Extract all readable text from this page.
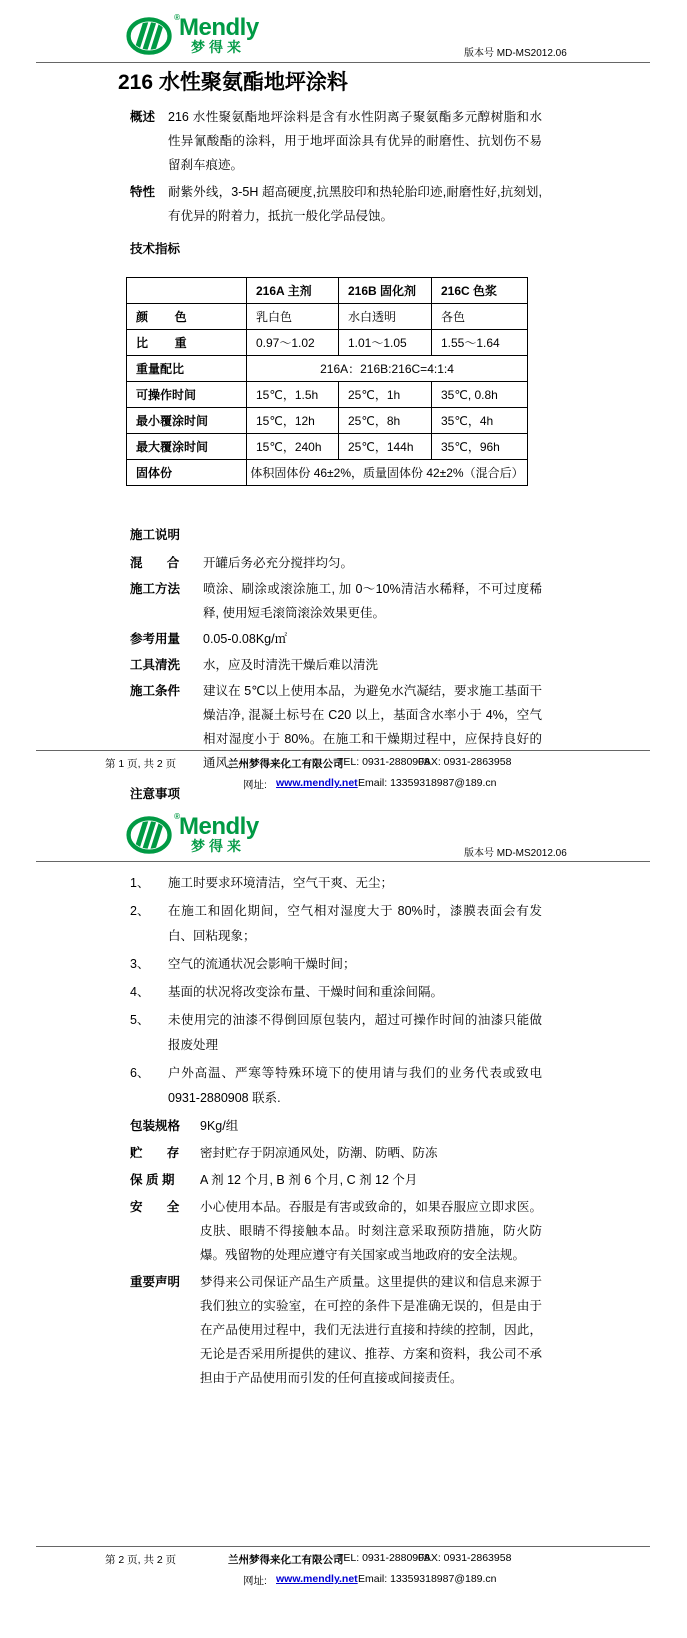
® Mendly
梦得来	版本号 MD-MS2012.06
216 水性聚氨酯地坪涂料
概述	216 水性聚氨酯地坪涂料是含有水性阴离子聚氨酯多元醇树脂和水性异氰酸酯的涂料，用于地坪面涂具有优异的耐磨性、抗划伤不易留刹车痕迹。
特性	耐紫外线，3-5H 超高硬度,抗黑胶印和热轮胎印迹,耐磨性好,抗刻划,有优异的附着力，抵抗一般化学品侵蚀。
技术指标
	216A 主剂	216B 固化剂	216C 色浆
颜        色	乳白色	水白透明	各色
比        重	0.97～1.02	1.01～1.05	1.55～1.64
重量配比	216A：216B:216C=4:1:4		
可操作时间	15℃，1.5h	25℃，1h	35℃, 0.8h
最小覆涂时间	15℃，12h	25℃，8h	35℃，4h
最大覆涂时间	15℃，240h	25℃，144h	35℃，96h
固体份	体积固体份 46±2%，质量固体份 42±2%（混合后）		
施工说明
混       合	开罐后务必充分搅拌均匀。
施工方法	喷涂、刷涂或滚涂施工, 加 0～10%清洁水稀释，不可过度稀释, 使用短毛滚筒滚涂效果更佳。
参考用量	0.05-0.08Kg/㎡
工具清洗	水，应及时清洗干燥后难以清洗
施工条件	建议在 5℃以上使用本品，为避免水汽凝结，要求施工基面干燥洁净, 混凝土标号在 C20 以上，基面含水率小于 4%，空气相对湿度小于 80%。在施工和干燥期过程中，应保持良好的通风。
注意事项
第 1 页, 共 2 页	兰州梦得来化工有限公司
TEL: 0931-2880908
FAX: 0931-2863958
网址: www.mendly.net Email: 13359318987@189.cn
® Mendly
梦得来	版本号 MD-MS2012.06
1、	施工时要求环境清洁，空气干爽、无尘；
2、	在施工和固化期间，空气相对湿度大于 80%时，漆膜表面会有发白、回粘现象；
3、	空气的流通状况会影响干燥时间；
4、	基面的状况将改变涂布量、干燥时间和重涂间隔。
5、	未使用完的油漆不得倒回原包装内，超过可操作时间的油漆只能做报废处理
6、	户外高温、严寒等特殊环境下的使用请与我们的业务代表或致电 0931-2880908 联系.
包装规格	9Kg/组
贮       存	密封贮存于阴凉通风处，防潮、防晒、防冻
保 质 期	A 剂 12 个月, B 剂 6 个月, C 剂 12 个月
安       全	小心使用本品。吞服是有害或致命的，如果吞服应立即求医。皮肤、眼睛不得接触本品。时刻注意采取预防措施，防火防爆。残留物的处理应遵守有关国家或当地政府的安全法规。
重要声明	梦得来公司保证产品生产质量。这里提供的建议和信息来源于我们独立的实验室，在可控的条件下是准确无误的，但是由于在产品使用过程中，我们无法进行直接和持续的控制，因此，无论是否采用所提供的建议、推荐、方案和资料，我公司不承担由于产品使用而引发的任何直接或间接责任。
第 2 页, 共 2 页	兰州梦得来化工有限公司
TEL: 0931-2880908
FAX: 0931-2863958
网址: www.mendly.net Email: 13359318987@189.cn
